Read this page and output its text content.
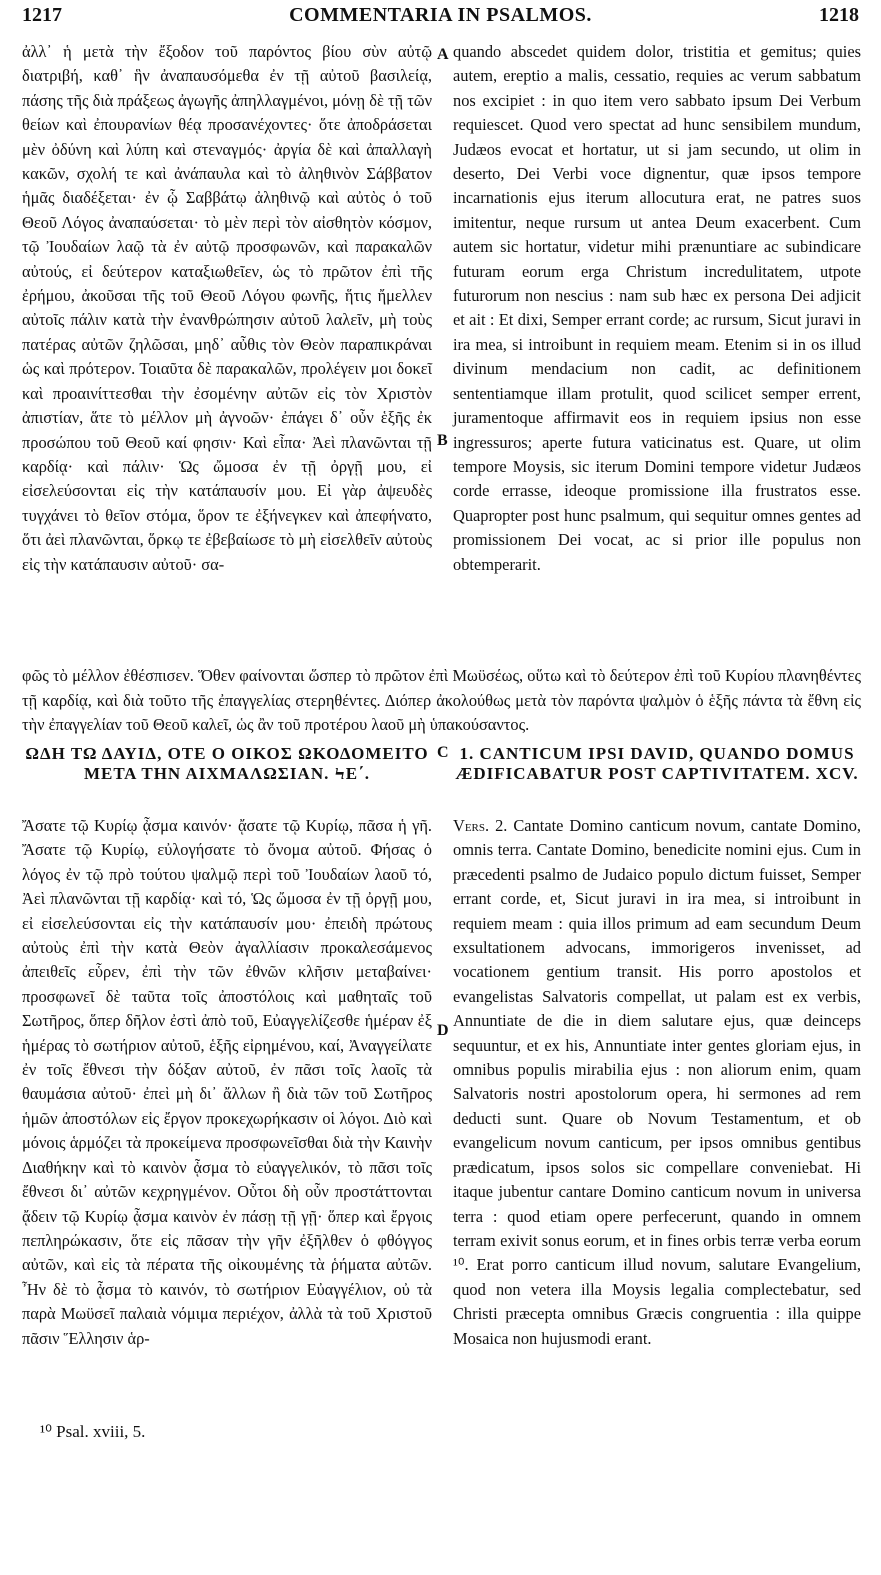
1217	COMMENTARIA IN PSALMOS.	1218

ἀλλ᾽ ἡ μετὰ τὴν ἔξοδον τοῦ παρόντος βίου σὺν αὐτῷ διατριβή, καθ᾽ ἣν ἀναπαυσόμεθα ἐν τῇ αὐτοῦ βασιλείᾳ, πάσης τῆς διὰ πράξεως ἀγωγῆς ἀπηλλαγμένοι, μόνῃ δὲ τῇ τῶν θείων καὶ ἐπουρανίων θέᾳ προσανέχοντες· ὅτε ἀποδράσεται μὲν ὀδύνη καὶ λύπη καὶ στεναγμός· ἀργία δὲ καὶ ἀπαλλαγὴ κακῶν, σχολή τε καὶ ἀνάπαυλα καὶ τὸ ἀληθινὸν Σάββατον ἡμᾶς διαδέξεται· ἐν ᾧ Σαββάτῳ ἀληθινῷ καὶ αὐτὸς ὁ τοῦ Θεοῦ Λόγος ἀναπαύσεται· τὸ μὲν περὶ τὸν αἰσθητὸν κόσμον, τῷ Ἰουδαίων λαῷ τὰ ἐν αὐτῷ προσφωνῶν, καὶ παρακαλῶν αὐτούς, εἰ δεύτερον καταξιωθεῖεν, ὡς τὸ πρῶτον ἐπὶ τῆς ἐρήμου, ἀκοῦσαι τῆς τοῦ Θεοῦ Λόγου φωνῆς, ἥτις ἤμελλεν αὐτοῖς πάλιν κατὰ τὴν ἐνανθρώπησιν αὐτοῦ λαλεῖν, μὴ τοὺς πατέρας αὐτῶν ζηλῶσαι, μηδ᾽ αὖθις τὸν Θεὸν παραπικράναι ὡς καὶ πρότερον. Τοιαῦτα δὲ παρακαλῶν, προλέγειν μοι δοκεῖ καὶ προαινίττεσθαι τὴν ἐσομένην αὐτῶν εἰς τὸν Χριστὸν ἀπιστίαν, ἅτε τὸ μέλλον μὴ ἀγνοῶν· ἐπάγει δ᾽ οὖν ἑξῆς ἐκ προσώπου τοῦ Θεοῦ καί φησιν· Καὶ εἶπα· Ἀεὶ πλανῶνται τῇ καρδίᾳ· καὶ πάλιν· Ὡς ὤμοσα ἐν τῇ ὀργῇ μου, εἰ εἰσελεύσονται εἰς τὴν κατάπαυσίν μου. Εἰ γὰρ ἀψευδὲς τυγχάνει τὸ θεῖον στόμα, ὅρον τε ἐξήνεγκεν καὶ ἀπεφήνατο, ὅτι ἀεὶ πλανῶνται, ὅρκῳ τε ἐβεβαίωσε τὸ μὴ εἰσελθεῖν αὐτοὺς εἰς τὴν κατάπαυσιν αὐτοῦ· σα-

A
B

quando abscedet quidem dolor, tristitia et gemitus; quies autem, ereptio a malis, cessatio, requies ac verum sabbatum nos excipiet : in quo item vero sabbato ipsum Dei Verbum requiescet. Quod vero spectat ad hunc sensibilem mundum, Judæos evocat et hortatur, ut si jam secundo, ut olim in deserto, Dei Verbi voce dignentur, quæ ipsos tempore incarnationis ejus iterum allocutura erat, ne patres suos imitentur, neque rursum ut antea Deum exacerbent. Cum autem sic hortatur, videtur mihi prænuntiare ac subindicare futuram eorum erga Christum incredulitatem, utpote futurorum non nescius : nam sub hæc ex persona Dei adjicit et ait : Et dixi, Semper errant corde; ac rursum, Sicut juravi in ira mea, si introibunt in requiem meam. Etenim si in os illud divinum mendacium non cadit, ac definitionem sententiamque illam protulit, quod scilicet semper errent, juramentoque affirmavit eos in requiem ipsius non esse ingressuros; aperte futura vaticinatus est. Quare, ut olim tempore Moysis, sic iterum Domini tempore videtur Judæos corde errasse, ideoque promissione illa frustratos esse. Quapropter post hunc psalmum, qui sequitur omnes gentes ad promissionem Dei vocat, ac si prior ille populus non obtemperarit.

φῶς τὸ μέλλον ἐθέσπισεν. Ὅθεν φαίνονται ὥσπερ τὸ πρῶτον ἐπὶ Μωϋσέως, οὕτω καὶ τὸ δεύτερον ἐπὶ τοῦ Κυρίου πλανηθέντες τῇ καρδίᾳ, καὶ διὰ τοῦτο τῆς ἐπαγγελίας στερηθέντες. Διόπερ ἀκολούθως μετὰ τὸν παρόντα ψαλμὸν ὁ ἑξῆς πάντα τὰ ἔθνη εἰς τὴν ἐπαγγελίαν τοῦ Θεοῦ καλεῖ, ὡς ἂν τοῦ προτέρου λαοῦ μὴ ὑπακούσαντος.

ΩΔΗ ΤΩ ΔΑΥΙΔ, ΟΤΕ Ο ΟΙΚΟΣ ΩΚΟΔΟΜΕΙΤΟ
ΜΕΤΑ ΤΗΝ ΑΙΧΜΑΛΩΣΙΑΝ. ϞΕ΄.
C 1. CANTICUM IPSI DAVID, QUANDO DOMUS
ÆDIFICABATUR POST CAPTIVITATEM. XCV.

Ἄσατε τῷ Κυρίῳ ᾆσμα καινόν· ᾄσατε τῷ Κυρίῳ, πᾶσα ἡ γῆ. Ἄσατε τῷ Κυρίῳ, εὐλογήσατε τὸ ὄνομα αὐτοῦ. Φήσας ὁ λόγος ἐν τῷ πρὸ τούτου ψαλμῷ περὶ τοῦ Ἰουδαίων λαοῦ τό, Ἀεὶ πλανῶνται τῇ καρδίᾳ· καὶ τό, Ὡς ὤμοσα ἐν τῇ ὀργῇ μου, εἰ εἰσελεύσονται εἰς τὴν κατάπαυσίν μου· ἐπειδὴ πρώτους αὐτοὺς ἐπὶ τὴν κατὰ Θεὸν ἀγαλλίασιν προκαλεσάμενος ἀπειθεῖς εὗρεν, ἐπὶ τὴν τῶν ἐθνῶν κλῆσιν μεταβαίνει· προσφωνεῖ δὲ ταῦτα τοῖς ἀποστόλοις καὶ μαθηταῖς τοῦ Σωτῆρος, ὅπερ δῆλον ἐστὶ ἀπὸ τοῦ, Εὐαγγελίζεσθε ἡμέραν ἐξ ἡμέρας τὸ σωτήριον αὐτοῦ, ἑξῆς εἰρημένου, καί, Ἀναγγείλατε ἐν τοῖς ἔθνεσι τὴν δόξαν αὐτοῦ, ἐν πᾶσι τοῖς λαοῖς τὰ θαυμάσια αὐτοῦ· ἐπεὶ μὴ δι᾽ ἄλλων ἢ διὰ τῶν τοῦ Σωτῆρος ἡμῶν ἀποστόλων εἰς ἔργον προκεχωρήκασιν οἱ λόγοι. Διὸ καὶ μόνοις ἁρμόζει τὰ προκείμενα προσφωνεῖσθαι διὰ τὴν Καινὴν Διαθήκην καὶ τὸ καινὸν ᾆσμα τὸ εὐαγγελικόν, τὸ πᾶσι τοῖς ἔθνεσι δι᾽ αὐτῶν κεχρηγμένον. Οὗτοι δὴ οὖν προστάττονται ᾄδειν τῷ Κυρίῳ ᾆσμα καινὸν ἐν πάσῃ τῇ γῇ· ὅπερ καὶ ἔργοις πεπληρώκασιν, ὅτε εἰς πᾶσαν τὴν γῆν ἐξῆλθεν ὁ φθόγγος αὐτῶν, καὶ εἰς τὰ πέρατα τῆς οἰκουμένης τὰ ῥήματα αὐτῶν. Ἦν δὲ τὸ ᾆσμα τὸ καινόν, τὸ σωτήριον Εὐαγγέλιον, οὐ τὰ παρὰ Μωϋσεῖ παλαιὰ νόμιμα περιέχον, ἀλλὰ τὰ τοῦ Χριστοῦ πᾶσιν Ἕλλησιν ἁρ-

D

Vers. 2. Cantate Domino canticum novum, cantate Domino, omnis terra. Cantate Domino, benedicite nomini ejus. Cum in præcedenti psalmo de Judaico populo dictum fuisset, Semper errant corde, et, Sicut juravi in ira mea, si introibunt in requiem meam : quia illos primum ad eam secundum Deum exsultationem advocans, immorigeros invenisset, ad vocationem gentium transit. His porro apostolos et evangelistas Salvatoris compellat, ut palam est ex verbis, Annuntiate de die in diem salutare ejus, quæ deinceps sequuntur, et ex his, Annuntiate inter gentes gloriam ejus, in omnibus populis mirabilia ejus : non aliorum enim, quam Salvatoris nostri apostolorum opera, hi sermones ad rem deducti sunt. Quare ob Novum Testamentum, et ob evangelicum novum canticum, per ipsos omnibus gentibus prædicatum, ipsos solos sic compellare conveniebat. Hi itaque jubentur cantare Domino canticum novum in universa terra : quod etiam opere perfecerunt, quando in omnem terram exivit sonus eorum, et in fines orbis terræ verba eorum ¹⁰. Erat porro canticum illud novum, salutare Evangelium, quod non vetera illa Moysis legalia complectebatur, sed Christi præcepta omnibus Græcis congruentia : illa quippe Mosaica non hujusmodi erant.

¹⁰ Psal. xviii, 5.
